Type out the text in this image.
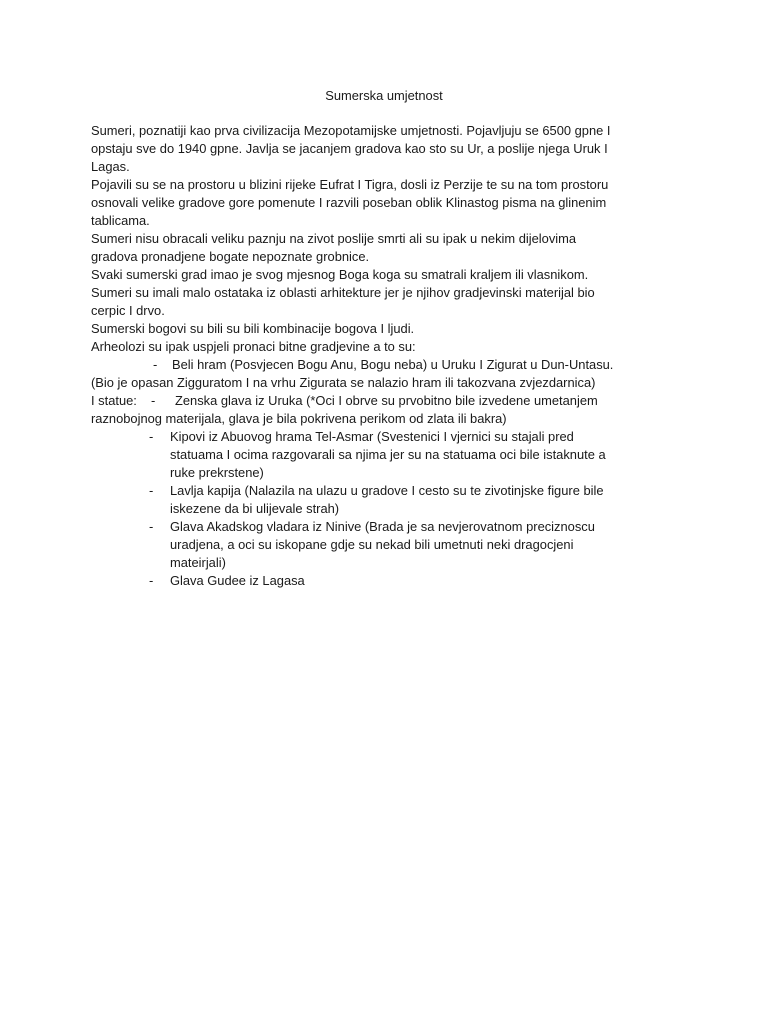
Sumerska umjetnost
Sumeri, poznatiji kao prva civilizacija Mezopotamijske umjetnosti. Pojavljuju se 6500 gpne I
opstaju sve do 1940 gpne. Javlja se jacanjem gradova kao sto su Ur, a poslije njega Uruk I
Lagas.
Pojavili su se na prostoru u blizini rijeke Eufrat I Tigra, dosli iz Perzije te su na tom prostoru
osnovali velike gradove gore pomenute I razvili poseban oblik Klinastog pisma na glinenim
tablicama.
Sumeri nisu obracali veliku paznju na zivot poslije smrti ali su ipak u nekim dijelovima
gradova pronadjene bogate nepoznate grobnice.
Svaki sumerski grad imao je svog mjesnog Boga koga su smatrali kraljem ili vlasnikom.
Sumeri su imali malo ostataka iz oblasti arhitekture jer je njihov gradjevinski materijal bio
cerpic I drvo.
Sumerski bogovi su bili su bili kombinacije bogova I ljudi.
Arheolozi su ipak uspjeli pronaci bitne gradjevine a to su:
-	Beli hram (Posvjecen Bogu Anu, Bogu neba) u Uruku I Zigurat u Dun-Untasu.
(Bio je opasan Zigguratom I na vrhu Zigurata se nalazio hram ili takozvana zvjezdarnica)
I statue: - Zenska glava iz Uruka (*Oci I obrve su prvobitno bile izvedene umetanjem
raznobojnog materijala, glava je bila pokrivena perikom od zlata ili bakra)
- Kipovi iz Abuovog hrama Tel-Asmar (Svestenici I vjernici su stajali pred
statuama I ocima razgovarali sa njima jer su na statuama oci bile istaknute a
ruke prekrstene)
- Lavlja kapija (Nalazila na ulazu u gradove I cesto su te zivotinjske figure bile
iskezene da bi ulijevale strah)
- Glava Akadskog vladara iz Ninive (Brada je sa nevjerovatnom preciznoscu
uradjena, a oci su iskopane gdje su nekad bili umetnuti neki dragocjeni
mateirjali)
- Glava Gudee iz Lagasa
